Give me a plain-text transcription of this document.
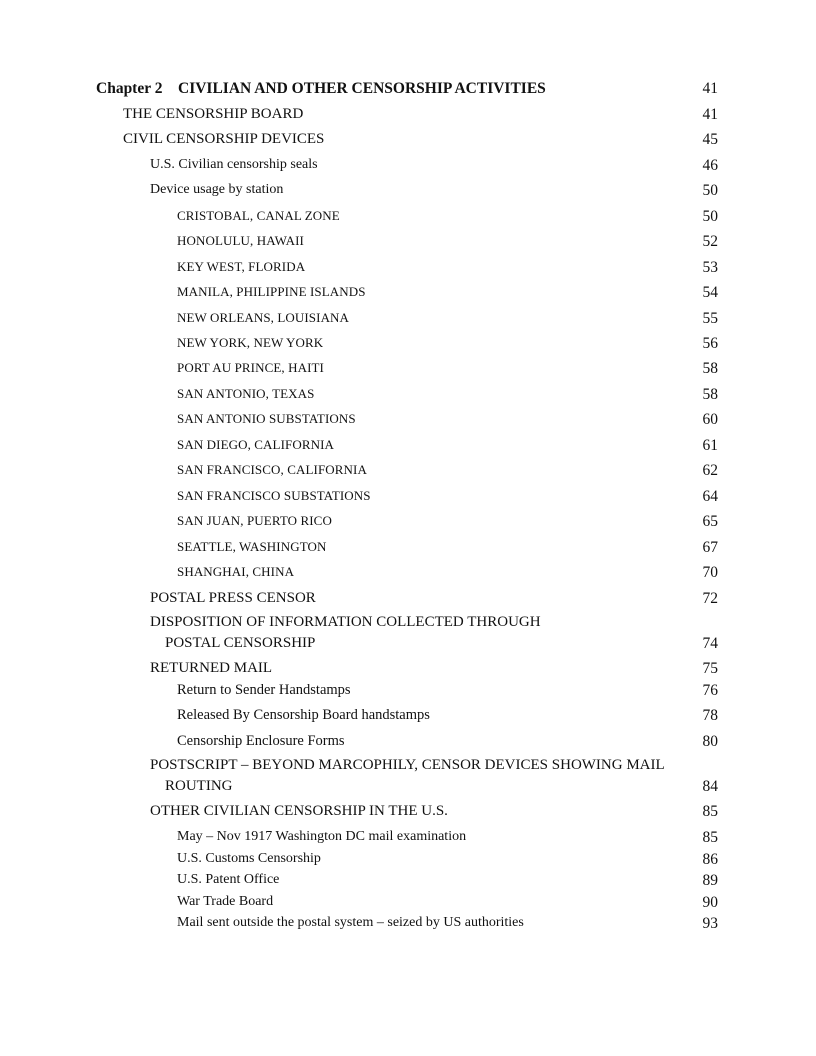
Chapter 2 CIVILIAN AND OTHER CENSORSHIP ACTIVITIES	41
THE CENSORSHIP BOARD	41
CIVIL CENSORSHIP DEVICES	45
U.S. Civilian censorship seals	46
Device usage by station	50
CRISTOBAL, CANAL ZONE	50
HONOLULU, HAWAII	52
KEY WEST, FLORIDA	53
MANILA, PHILIPPINE ISLANDS	54
NEW ORLEANS, LOUISIANA	55
NEW YORK, NEW YORK	56
PORT AU PRINCE, HAITI	58
SAN ANTONIO, TEXAS	58
SAN ANTONIO SUBSTATIONS	60
SAN DIEGO, CALIFORNIA	61
SAN FRANCISCO, CALIFORNIA	62
SAN FRANCISCO SUBSTATIONS	64
SAN JUAN, PUERTO RICO	65
SEATTLE, WASHINGTON	67
SHANGHAI, CHINA	70
POSTAL PRESS CENSOR	72
DISPOSITION OF INFORMATION COLLECTED THROUGH
POSTAL CENSORSHIP	74
RETURNED MAIL	75
Return to Sender Handstamps	76
Released By Censorship Board handstamps	78
Censorship Enclosure Forms	80
POSTSCRIPT – BEYOND MARCOPHILY, CENSOR DEVICES SHOWING MAIL
ROUTING	84
OTHER CIVILIAN CENSORSHIP IN THE U.S.	85
May – Nov 1917 Washington DC mail examination	85
U.S. Customs Censorship	86
U.S. Patent Office	89
War Trade Board	90
Mail sent outside the postal system – seized by US authorities	93
